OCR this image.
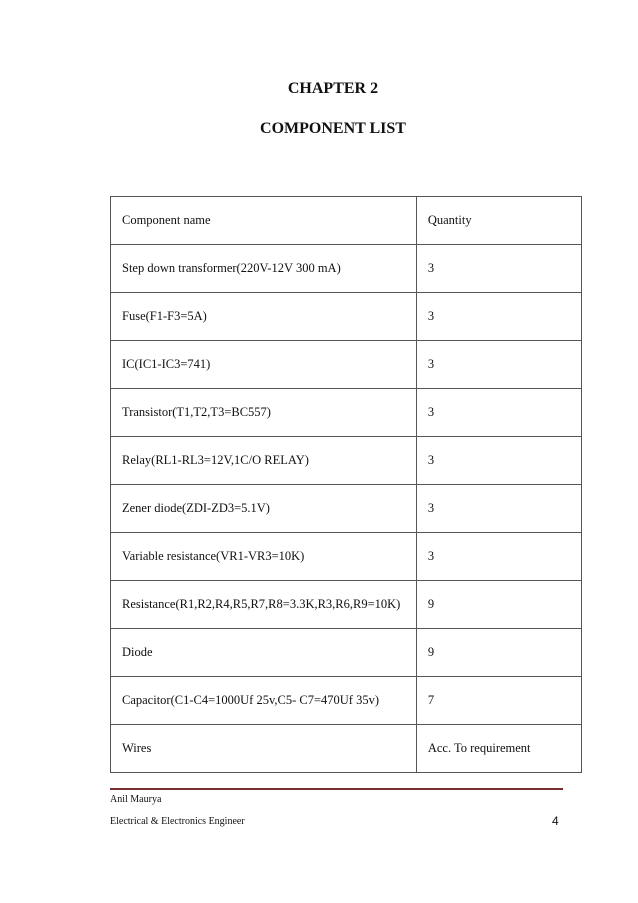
CHAPTER 2
COMPONENT LIST
Component name	Quantity
Step down transformer(220V-12V 300 mA)	3
Fuse(F1-F3=5A)	3
IC(IC1-IC3=741)	3
Transistor(T1,T2,T3=BC557)	3
Relay(RL1-RL3=12V,1C/O RELAY)	3
Zener diode(ZDI-ZD3=5.1V)	3
Variable resistance(VR1-VR3=10K)	3
Resistance(R1,R2,R4,R5,R7,R8=3.3K,R3,R6,R9=10K)	9
Diode	9
Capacitor(C1-C4=1000Uf 25v,C5- C7=470Uf 35v)	7
Wires	Acc. To requirement
Anil Maurya
Electrical & Electronics Engineer	4
